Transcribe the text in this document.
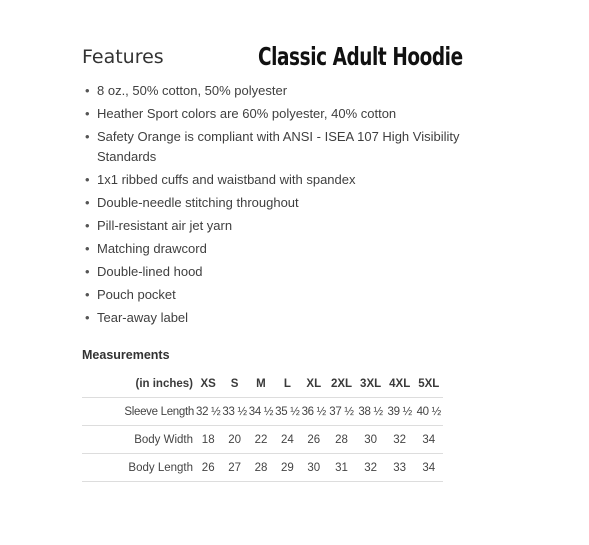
Features	Classic Adult Hoodie
• 8 oz., 50% cotton, 50% polyester
• Heather Sport colors are 60% polyester, 40% cotton
• Safety Orange is compliant with ANSI - ISEA 107 High Visibility Standards
• 1x1 ribbed cuffs and waistband with spandex
• Double-needle stitching throughout
• Pill-resistant air jet yarn
• Matching drawcord
• Double-lined hood
• Pouch pocket
• Tear-away label
Measurements
(in inches)	XS	S	M	L	XL	2XL	3XL	4XL	5XL
Sleeve Length	32 ½	33 ½	34 ½	35 ½	36 ½	37 ½	38 ½	39 ½	40 ½
Body Width	18	20	22	24	26	28	30	32	34
Body Length	26	27	28	29	30	31	32	33	34
